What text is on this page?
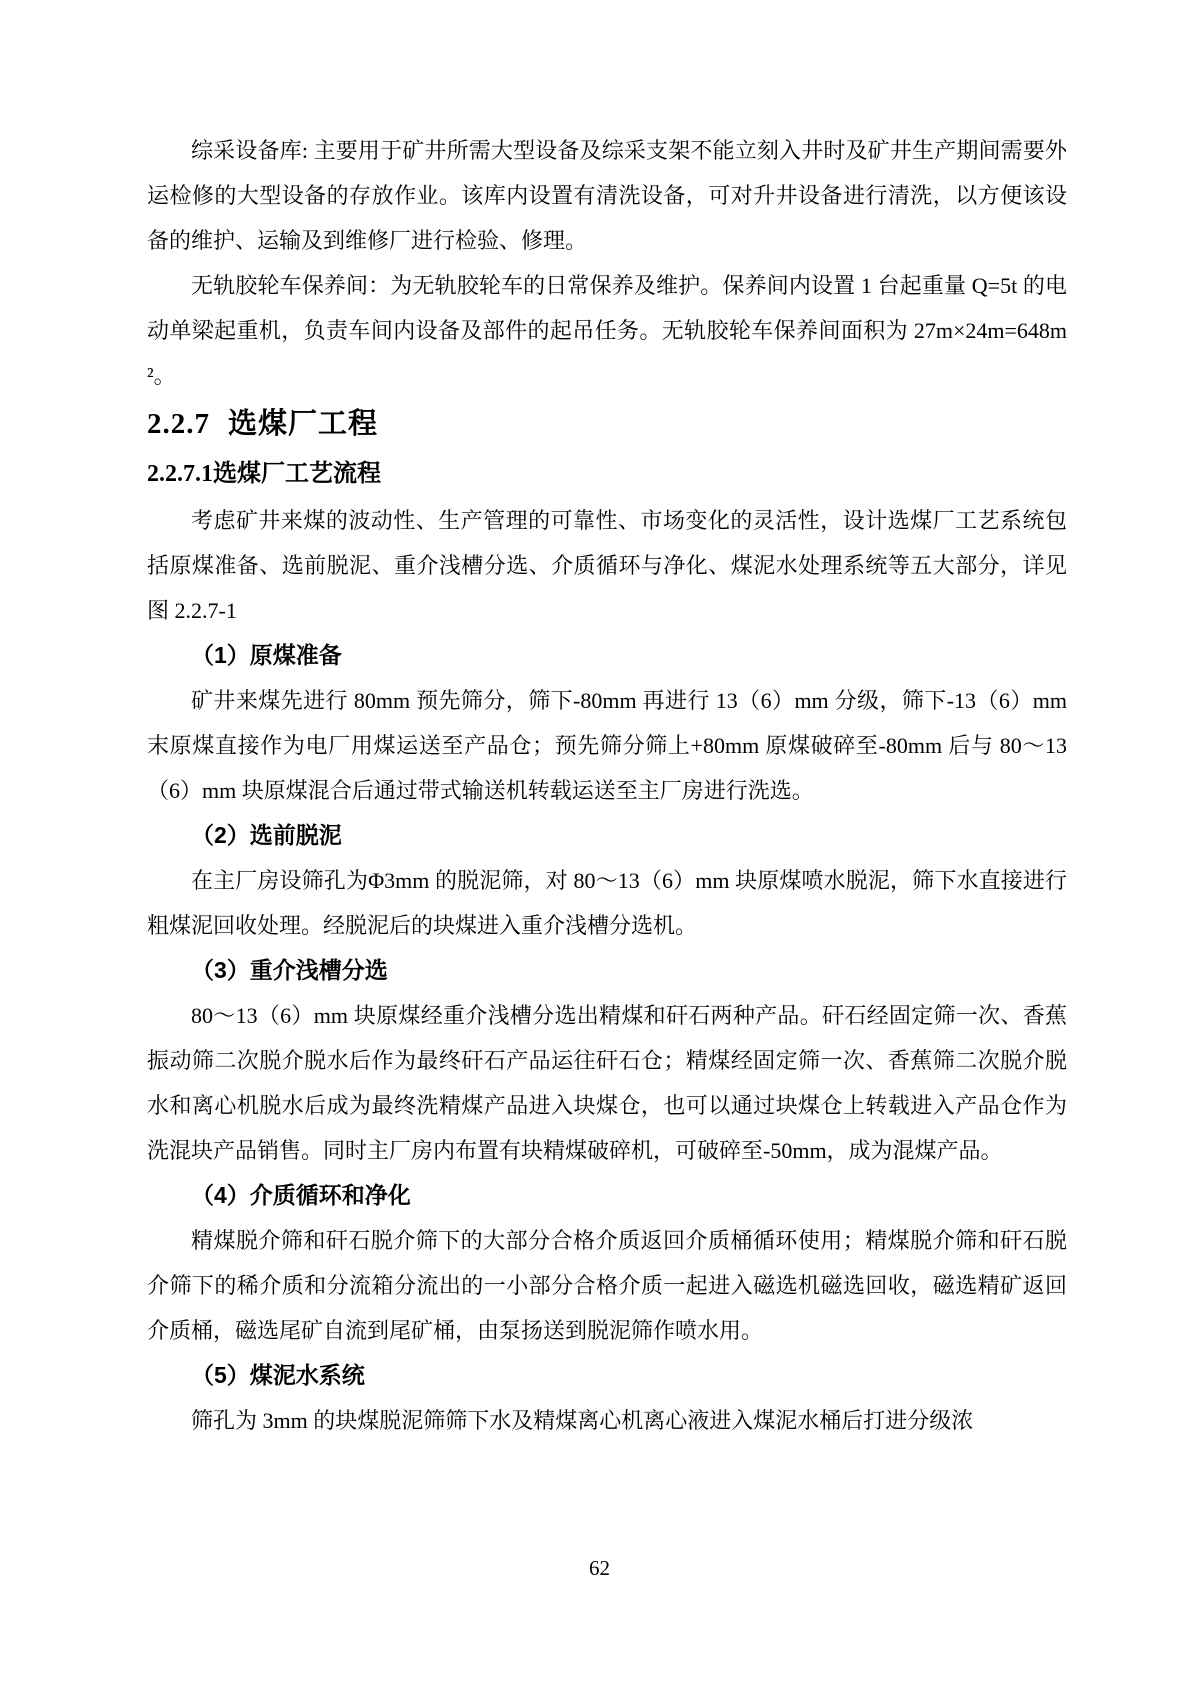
综采设备库: 主要用于矿井所需大型设备及综采支架不能立刻入井时及矿井生产期间需要外运检修的大型设备的存放作业。该库内设置有清洗设备，可对升井设备进行清洗，以方便该设备的维护、运输及到维修厂进行检验、修理。

无轨胶轮车保养间：为无轨胶轮车的日常保养及维护。保养间内设置 1 台起重量 Q=5t 的电动单梁起重机，负责车间内设备及部件的起吊任务。无轨胶轮车保养间面积为 27m×24m=648m²。

2.2.7 选煤厂工程
2.2.7.1选煤厂工艺流程

考虑矿井来煤的波动性、生产管理的可靠性、市场变化的灵活性，设计选煤厂工艺系统包括原煤准备、选前脱泥、重介浅槽分选、介质循环与净化、煤泥水处理系统等五大部分，详见图 2.2.7-1

（1）原煤准备

矿井来煤先进行 80mm 预先筛分，筛下-80mm 再进行 13（6）mm 分级，筛下-13（6）mm 末原煤直接作为电厂用煤运送至产品仓；预先筛分筛上+80mm 原煤破碎至-80mm 后与 80～13（6）mm 块原煤混合后通过带式输送机转载运送至主厂房进行洗选。

（2）选前脱泥

在主厂房设筛孔为Φ3mm 的脱泥筛，对 80～13（6）mm 块原煤喷水脱泥，筛下水直接进行粗煤泥回收处理。经脱泥后的块煤进入重介浅槽分选机。

（3）重介浅槽分选

80～13（6）mm 块原煤经重介浅槽分选出精煤和矸石两种产品。矸石经固定筛一次、香蕉振动筛二次脱介脱水后作为最终矸石产品运往矸石仓；精煤经固定筛一次、香蕉筛二次脱介脱水和离心机脱水后成为最终洗精煤产品进入块煤仓，也可以通过块煤仓上转载进入产品仓作为洗混块产品销售。同时主厂房内布置有块精煤破碎机，可破碎至-50mm，成为混煤产品。

（4）介质循环和净化

精煤脱介筛和矸石脱介筛下的大部分合格介质返回介质桶循环使用；精煤脱介筛和矸石脱介筛下的稀介质和分流箱分流出的一小部分合格介质一起进入磁选机磁选回收，磁选精矿返回介质桶，磁选尾矿自流到尾矿桶，由泵扬送到脱泥筛作喷水用。

（5）煤泥水系统

筛孔为 3mm 的块煤脱泥筛筛下水及精煤离心机离心液进入煤泥水桶后打进分级浓

62
